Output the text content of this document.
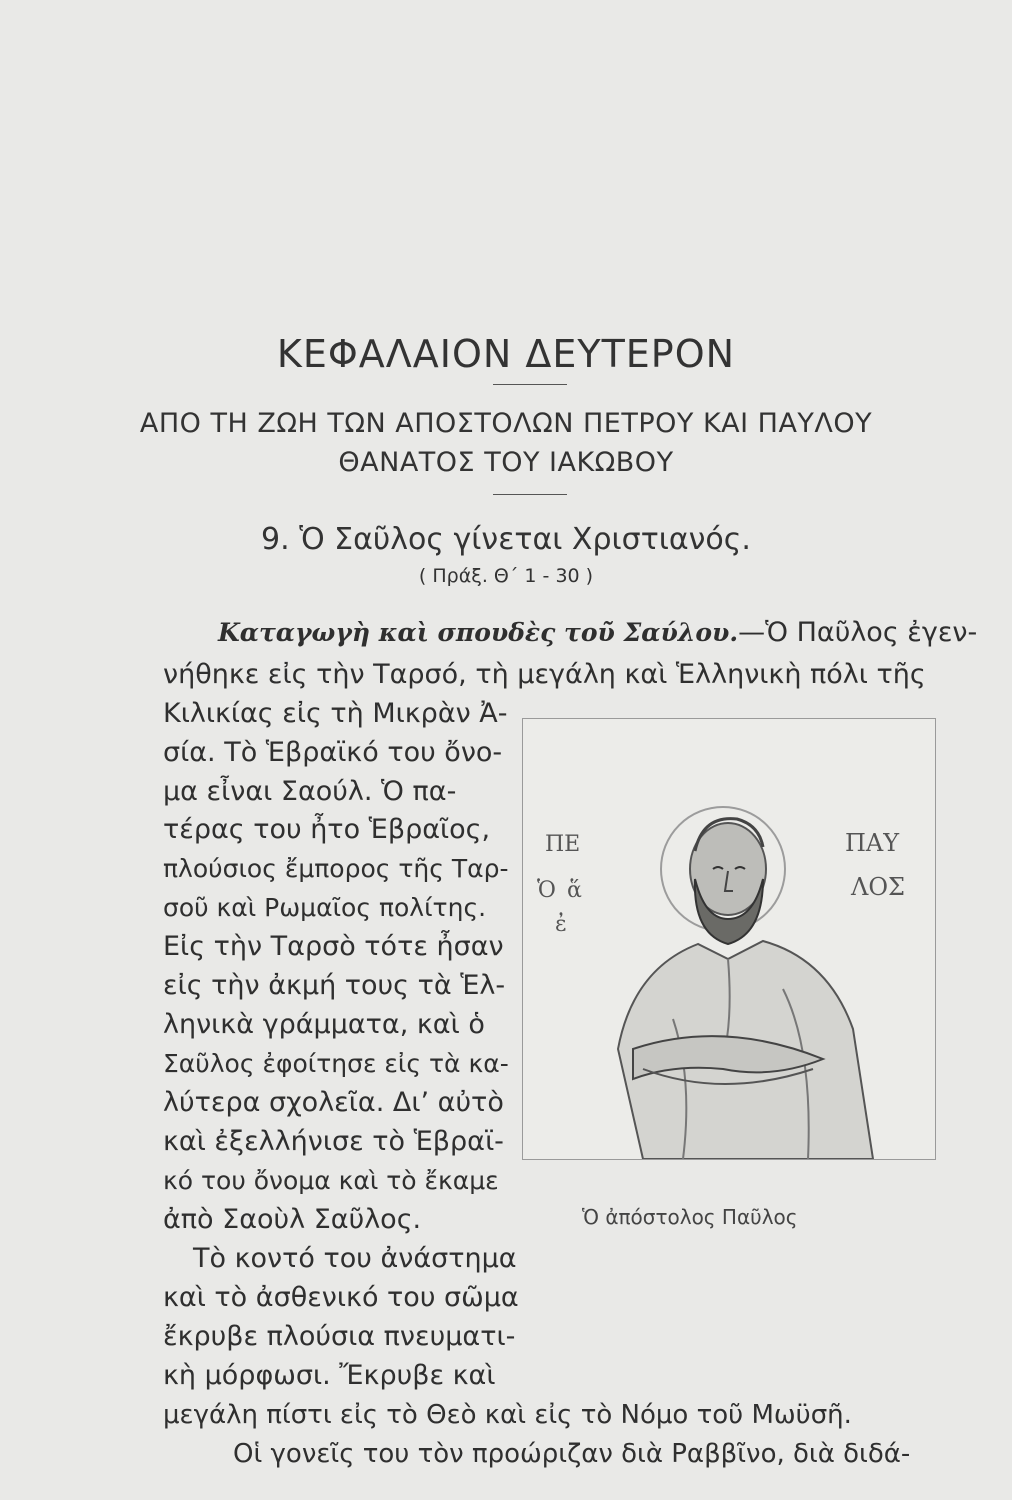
ΚΕΦΑΛΑΙΟΝ ΔΕΥΤΕΡΟΝ
ΑΠΟ ΤΗ ΖΩΗ ΤΩΝ ΑΠΟΣΤΟΛΩΝ ΠΕΤΡΟΥ ΚΑΙ ΠΑΥΛΟΥ
ΘΑΝΑΤΟΣ ΤΟΥ ΙΑΚΩΒΟΥ
9. Ὁ Σαῦλος γίνεται Χριστιανός.
( Πράξ. Θ΄ 1 - 30 )
Καταγωγὴ καὶ σπουδὲς τοῦ Σαύλου.—Ὁ Παῦλος ἐγεν-
νήθηκε εἰς τὴν Ταρσό, τὴ μεγάλη καὶ Ἑλληνικὴ πόλι τῆς
Κιλικίας εἰς τὴ Μικρὰν Ἀ-
σία. Τὸ Ἑβραϊκό του ὄνο-
μα εἶναι Σαούλ. Ὁ πα-
τέρας του ἦτο Ἑβραῖος,
πλούσιος ἔμπορος τῆς Ταρ-
σοῦ καὶ Ρωμαῖος πολίτης.
Εἰς τὴν Ταρσὸ τότε ἦσαν
εἰς τὴν ἀκμή τους τὰ Ἑλ-
ληνικὰ γράμματα, καὶ ὁ
Σαῦλος ἐφοίτησε εἰς τὰ κα-
λύτερα σχολεῖα. Δι’ αὐτὸ
καὶ ἐξελλήνισε τὸ Ἑβραϊ-
κό του ὄνομα καὶ τὸ ἔκαμε
ἀπὸ Σαοὺλ Σαῦλος.
Τὸ κοντό του ἀνάστημα
καὶ τὸ ἀσθενικό του σῶμα
ἔκρυβε πλούσια πνευματι-
κὴ μόρφωσι. Ἔκρυβε καὶ
μεγάλη πίστι εἰς τὸ Θεὸ καὶ εἰς τὸ Νόμο τοῦ Μωϋσῆ.
Οἱ γονεῖς του τὸν προώριζαν διὰ Ραββῖνο, διὰ διδά-
ΠΕ
Ὁ ἅ
ἐ
ΠΑΥ
ΛΟΣ
Ὁ ἀπόστολος Παῦλος
